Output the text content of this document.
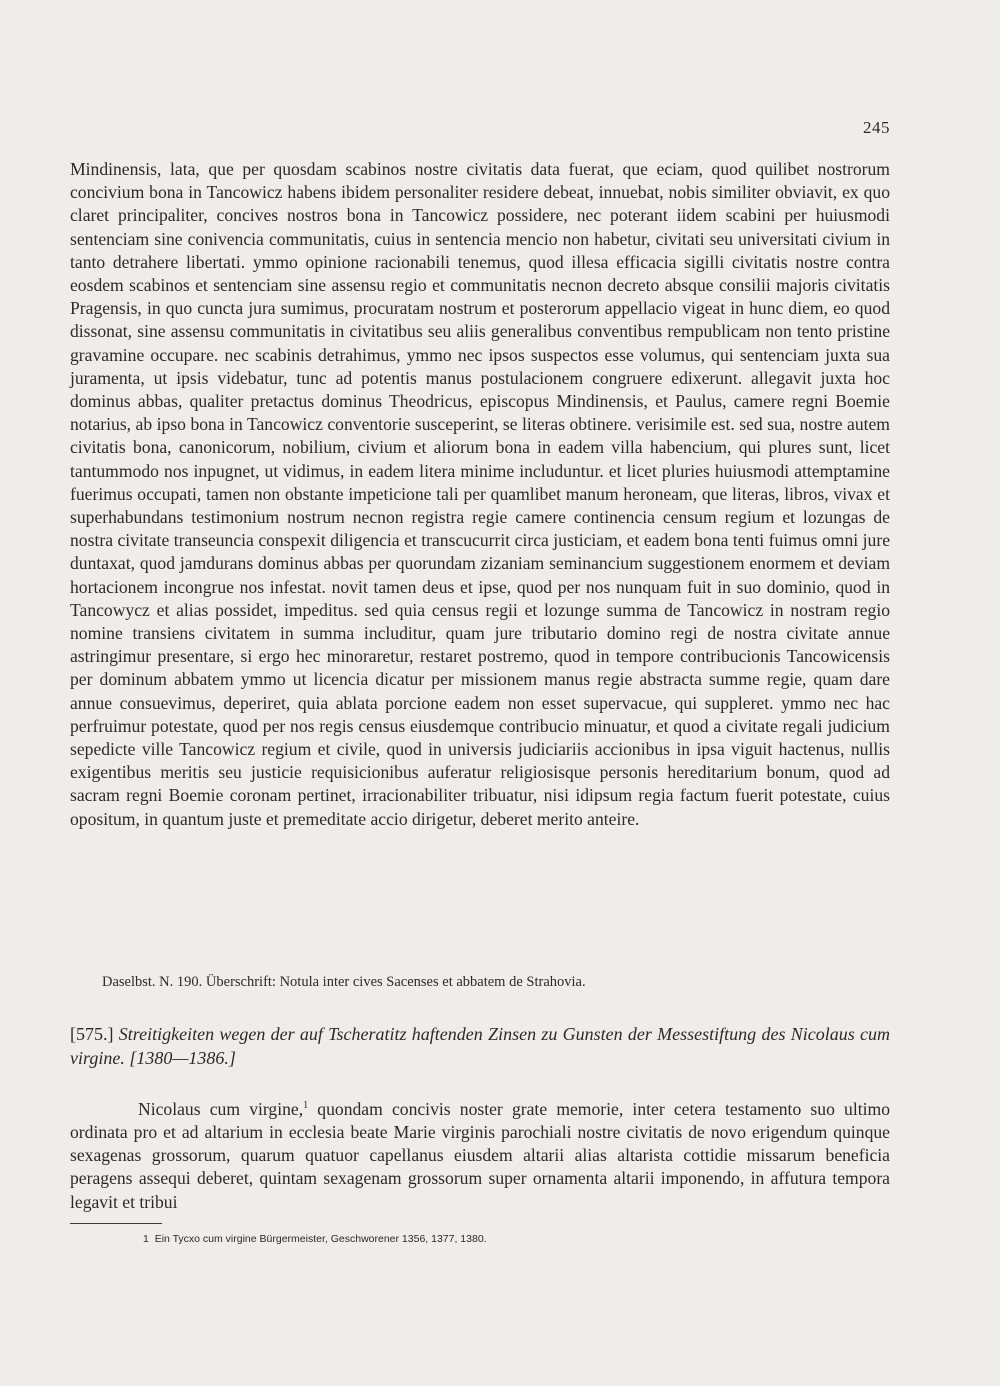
245

Mindinensis, lata, que per quosdam scabinos nostre civitatis data fuerat, que eciam, quod quilibet nostrorum concivium bona in Tancowicz habens ibidem personaliter residere debeat, innuebat, nobis similiter obviavit, ex quo claret principaliter, concives nostros bona in Tancowicz possidere, nec poterant iidem scabini per huiusmodi sentenciam sine conivencia communitatis, cuius in sentencia mencio non habetur, civitati seu universitati civium in tanto detrahere libertati. ymmo opinione racionabili tenemus, quod illesa efficacia sigilli civitatis nostre contra eosdem scabinos et sentenciam sine assensu regio et communitatis necnon decreto absque consilii majoris civitatis Pragensis, in quo cuncta jura sumimus, procuratam nostrum et posterorum appellacio vigeat in hunc diem, eo quod dissonat, sine assensu communitatis in civitatibus seu aliis generalibus conventibus rempublicam non tento pristine gravamine occupare. nec scabinis detrahimus, ymmo nec ipsos suspectos esse volumus, qui sentenciam juxta sua juramenta, ut ipsis videbatur, tunc ad potentis manus postulacionem congruere edixerunt. allegavit juxta hoc dominus abbas, qualiter pretactus dominus Theodricus, episcopus Mindinensis, et Paulus, camere regni Boemie notarius, ab ipso bona in Tancowicz conventorie susceperint, se literas obtinere. verisimile est. sed sua, nostre autem civitatis bona, canonicorum, nobilium, civium et aliorum bona in eadem villa habencium, qui plures sunt, licet tantummodo nos inpugnet, ut vidimus, in eadem litera minime includuntur. et licet pluries huiusmodi attemptamine fuerimus occupati, tamen non obstante impeticione tali per quamlibet manum heroneam, que literas, libros, vivax et superhabundans testimonium nostrum necnon registra regie camere continencia censum regium et lozungas de nostra civitate transeuncia conspexit diligencia et transcucurrit circa justiciam, et eadem bona tenti fuimus omni jure duntaxat, quod jamdurans dominus abbas per quorundam zizaniam seminancium suggestionem enormem et deviam hortacionem incongrue nos infestat. novit tamen deus et ipse, quod per nos nunquam fuit in suo dominio, quod in Tancowycz et alias possidet, impeditus. sed quia census regii et lozunge summa de Tancowicz in nostram regio nomine transiens civitatem in summa includitur, quam jure tributario domino regi de nostra civitate annue astringimur presentare, si ergo hec minoraretur, restaret postremo, quod in tempore contribucionis Tancowicensis per dominum abbatem ymmo ut licencia dicatur per missionem manus regie abstracta summe regie, quam dare annue consuevimus, deperiret, quia ablata porcione eadem non esset supervacue, qui suppleret. ymmo nec hac perfruimur potestate, quod per nos regis census eiusdemque contribucio minuatur, et quod a civitate regali judicium sepedicte ville Tancowicz regium et civile, quod in universis judiciariis accionibus in ipsa viguit hactenus, nullis exigentibus meritis seu justicie requisicionibus auferatur religiosisque personis hereditarium bonum, quod ad sacram regni Boemie coronam pertinet, irracionabiliter tribuatur, nisi idipsum regia factum fuerit potestate, cuius opositum, in quantum juste et premeditate accio dirigetur, deberet merito anteire.

Daselbst. N. 190. Überschrift: Notula inter cives Sacenses et abbatem de Strahovia.

[575.] Streitigkeiten wegen der auf Tscheratitz haftenden Zinsen zu Gunsten der Messestiftung des Nicolaus cum virgine. [1380—1386.]

Nicolaus cum virgine,$^1$ quondam concivis noster grate memorie, inter cetera testamento suo ultimo ordinata pro et ad altarium in ecclesia beate Marie virginis parochiali nostre civitatis de novo erigendum quinque sexagenas grossorum, quarum quatuor capellanus eiusdem altarii alias altarista cottidie missarum beneficia peragens assequi deberet, quintam sexagenam grossorum super ornamenta altarii imponendo, in affutura tempora legavit et tribui

1 Ein Tycxo cum virgine Bürgermeister, Geschworener 1356, 1377, 1380.
